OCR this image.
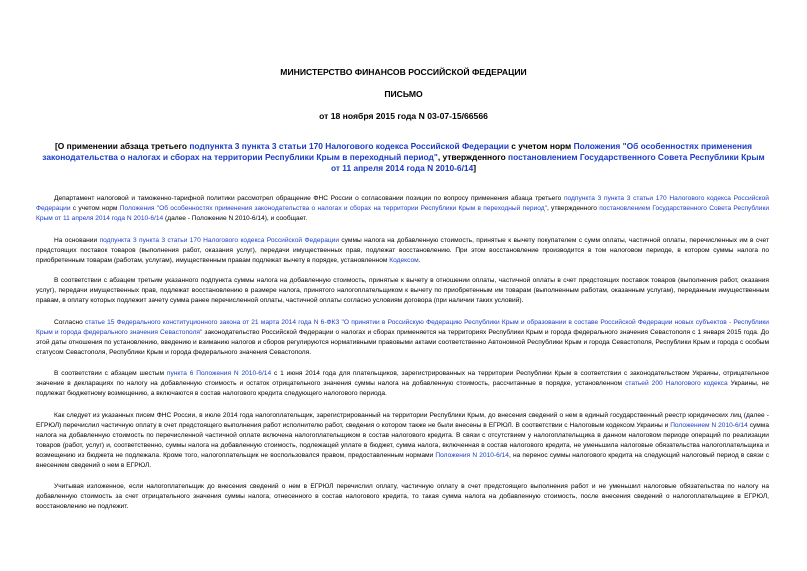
МИНИСТЕРСТВО ФИНАНСОВ РОССИЙСКОЙ ФЕДЕРАЦИИ
ПИСЬМО
от 18 ноября 2015 года N 03-07-15/66566
[О применении абзаца третьего подпункта 3 пункта 3 статьи 170 Налогового кодекса Российской Федерации с учетом норм Положения "Об особенностях применения законодательства о налогах и сборах на территории Республики Крым в переходный период", утвержденного постановлением Государственного Совета Республики Крым от 11 апреля 2014 года N 2010-6/14]
Департамент налоговой и таможенно-тарифной политики рассмотрел обращение ФНС России о согласовании позиции по вопросу применения абзаца третьего подпункта 3 пункта 3 статьи 170 Налогового кодекса Российской Федерации с учетом норм Положения "Об особенностях применения законодательства о налогах и сборах на территории Республики Крым в переходный период", утвержденного постановлением Государственного Совета Республики Крым от 11 апреля 2014 года N 2010-6/14 (далее - Положение N 2010-6/14), и сообщает.
На основании подпункта 3 пункта 3 статьи 170 Налогового кодекса Российской Федерации суммы налога на добавленную стоимость, принятые к вычету покупателем с сумм оплаты, частичной оплаты, перечисленных им в счет предстоящих поставок товаров (выполнения работ, оказания услуг), передачи имущественных прав, подлежат восстановлению. При этом восстановление производится в том налоговом периоде, в котором суммы налога по приобретенным товарам (работам, услугам), имущественным правам подлежат вычету в порядке, установленном Кодексом.
В соответствии с абзацем третьим указанного подпункта суммы налога на добавленную стоимость, принятые к вычету в отношении оплаты, частичной оплаты в счет предстоящих поставок товаров (выполнения работ, оказания услуг), передачи имущественных прав, подлежат восстановлению в размере налога, принятого налогоплательщиком к вычету по приобретенным им товарам (выполненным работам, оказанным услугам), переданным имущественным правам, в оплату которых подлежит зачету сумма ранее перечисленной оплаты, частичной оплаты согласно условиям договора (при наличии таких условий).
Согласно статье 15 Федерального конституционного закона от 21 марта 2014 года N 6-ФКЗ "О принятии в Российскую Федерацию Республики Крым и образовании в составе Российской Федерации новых субъектов - Республики Крым и города федерального значения Севастополя" законодательство Российской Федерации о налогах и сборах применяется на территориях Республики Крым и города федерального значения Севастополя с 1 января 2015 года. До этой даты отношения по установлению, введению и взиманию налогов и сборов регулируются нормативными правовыми актами соответственно Автономной Республики Крым и города Севастополя, Республики Крым и города с особым статусом Севастополя, Республики Крым и города федерального значения Севастополя.
В соответствии с абзацем шестым пункта 6 Положения N 2010-6/14 с 1 июня 2014 года для плательщиков, зарегистрированных на территории Республики Крым в соответствии с законодательством Украины, отрицательное значение в декларациях по налогу на добавленную стоимость и остаток отрицательного значения суммы налога на добавленную стоимость, рассчитанные в порядке, установленном статьей 200 Налогового кодекса Украины, не подлежат бюджетному возмещению, а включаются в состав налогового кредита следующего налогового периода.
Как следует из указанных писем ФНС России, в июле 2014 года налогоплательщик, зарегистрированный на территории Республики Крым, до внесения сведений о нем в единый государственный реестр юридических лиц (далее - ЕГРЮЛ) перечислил частичную оплату в счет предстоящего выполнения работ исполнителю работ, сведения о котором также не были внесены в ЕГРЮЛ. В соответствии с Налоговым кодексом Украины и Положением N 2010-6/14 сумма налога на добавленную стоимость по перечисленной частичной оплате включена налогоплательщиком в состав налогового кредита. В связи с отсутствием у налогоплательщика в данном налоговом периоде операций по реализации товаров (работ, услуг) и, соответственно, суммы налога на добавленную стоимость, подлежащей уплате в бюджет, сумма налога, включенная в состав налогового кредита, не уменьшила налоговые обязательства налогоплательщика и возмещению из бюджета не подлежала. Кроме того, налогоплательщик не воспользовался правом, предоставленным нормами Положения N 2010-6/14, на перенос суммы налогового кредита на следующий налоговый период в связи с внесением сведений о нем в ЕГРЮЛ.
Учитывая изложенное, если налогоплательщик до внесения сведений о нем в ЕГРЮЛ перечислил оплату, частичную оплату в счет предстоящего выполнения работ и не уменьшил налоговые обязательства по налогу на добавленную стоимость за счет отрицательного значения суммы налога, отнесенного в состав налогового кредита, то такая сумма налога на добавленную стоимость, после внесения сведений о налогоплательщике в ЕГРЮЛ, восстановлению не подлежит.
